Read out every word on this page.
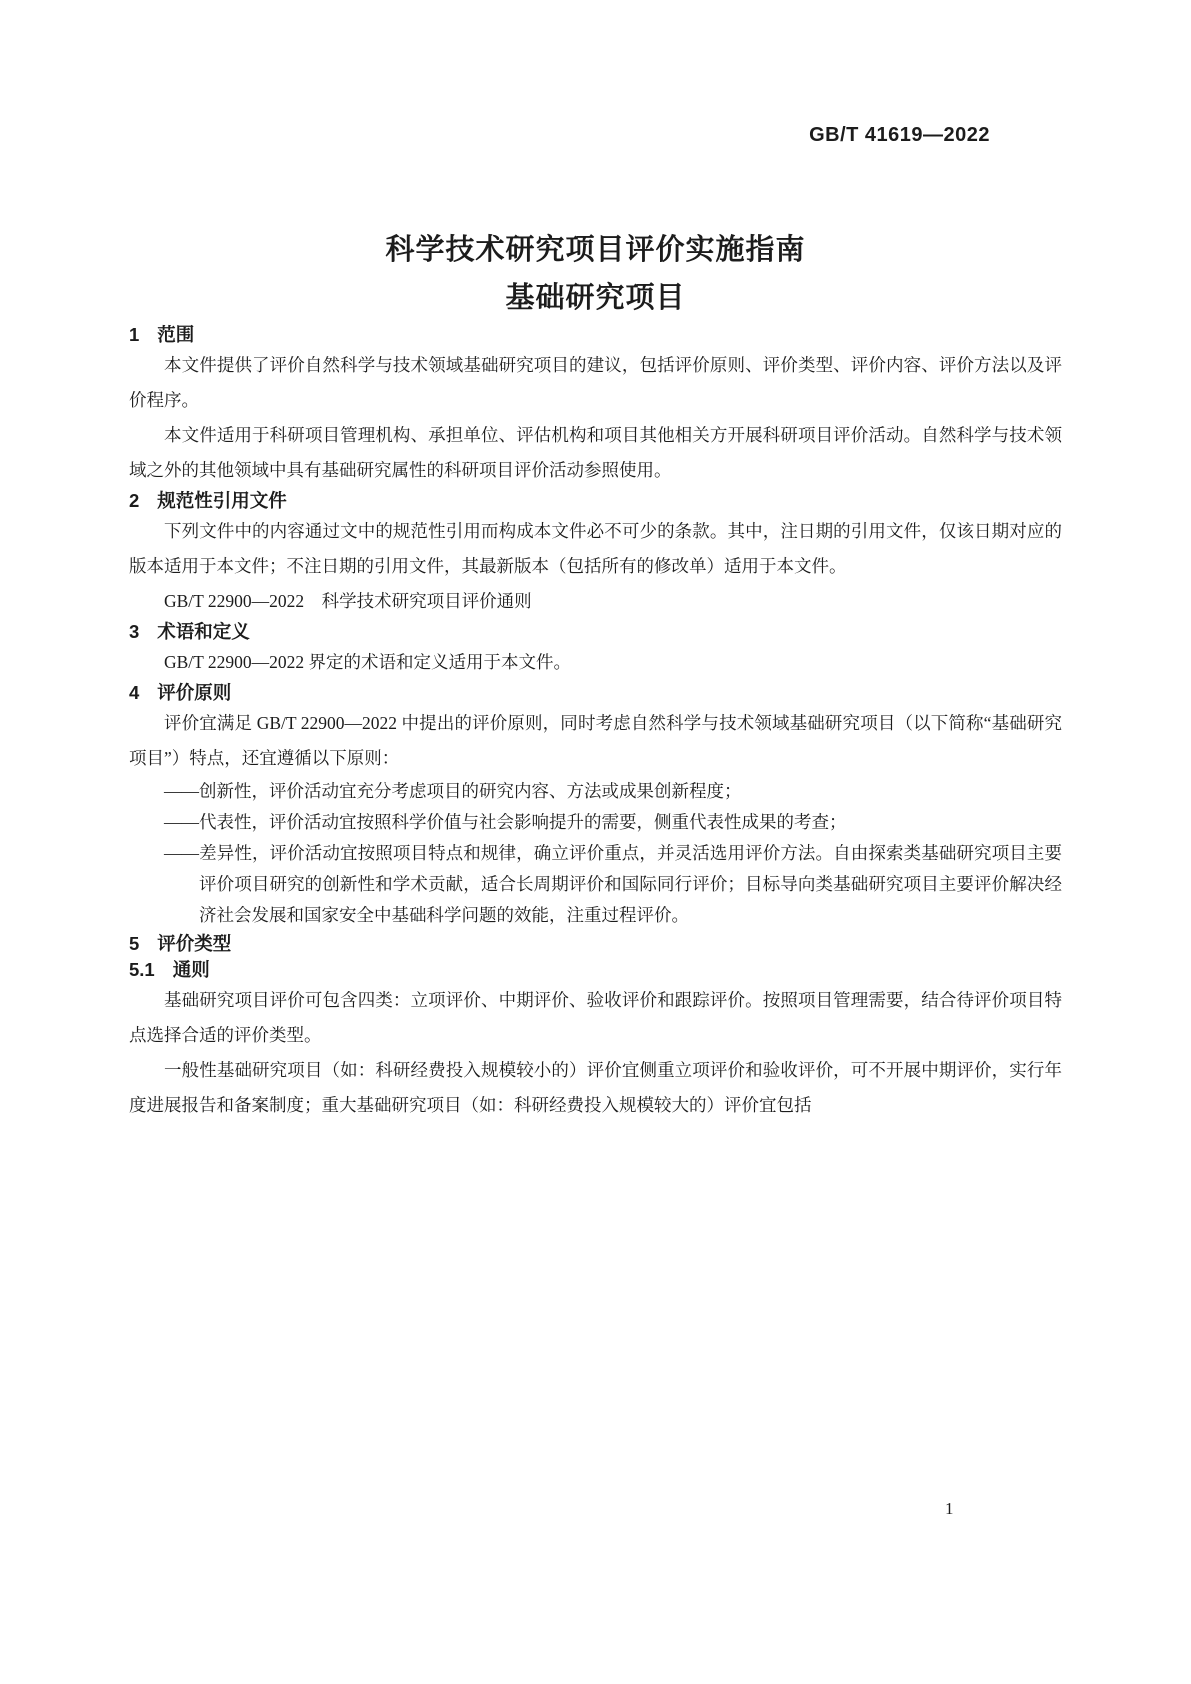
GB/T 41619—2022
科学技术研究项目评价实施指南
基础研究项目
1 范围

本文件提供了评价自然科学与技术领域基础研究项目的建议，包括评价原则、评价类型、评价内容、评价方法以及评价程序。

本文件适用于科研项目管理机构、承担单位、评估机构和项目其他相关方开展科研项目评价活动。自然科学与技术领域之外的其他领域中具有基础研究属性的科研项目评价活动参照使用。

2 规范性引用文件

下列文件中的内容通过文中的规范性引用而构成本文件必不可少的条款。其中，注日期的引用文件，仅该日期对应的版本适用于本文件；不注日期的引用文件，其最新版本（包括所有的修改单）适用于本文件。

GB/T 22900—2022　科学技术研究项目评价通则

3 术语和定义

GB/T 22900—2022 界定的术语和定义适用于本文件。

4 评价原则

评价宜满足 GB/T 22900—2022 中提出的评价原则，同时考虑自然科学与技术领域基础研究项目（以下简称“基础研究项目”）特点，还宜遵循以下原则：

——创新性，评价活动宜充分考虑项目的研究内容、方法或成果创新程度；

——代表性，评价活动宜按照科学价值与社会影响提升的需要，侧重代表性成果的考查；

——差异性，评价活动宜按照项目特点和规律，确立评价重点，并灵活选用评价方法。自由探索类基础研究项目主要评价项目研究的创新性和学术贡献，适合长周期评价和国际同行评价；目标导向类基础研究项目主要评价解决经济社会发展和国家安全中基础科学问题的效能，注重过程评价。

5 评价类型
5.1 通则

基础研究项目评价可包含四类：立项评价、中期评价、验收评价和跟踪评价。按照项目管理需要，结合待评价项目特点选择合适的评价类型。

一般性基础研究项目（如：科研经费投入规模较小的）评价宜侧重立项评价和验收评价，可不开展中期评价，实行年度进展报告和备案制度；重大基础研究项目（如：科研经费投入规模较大的）评价宜包括

1
